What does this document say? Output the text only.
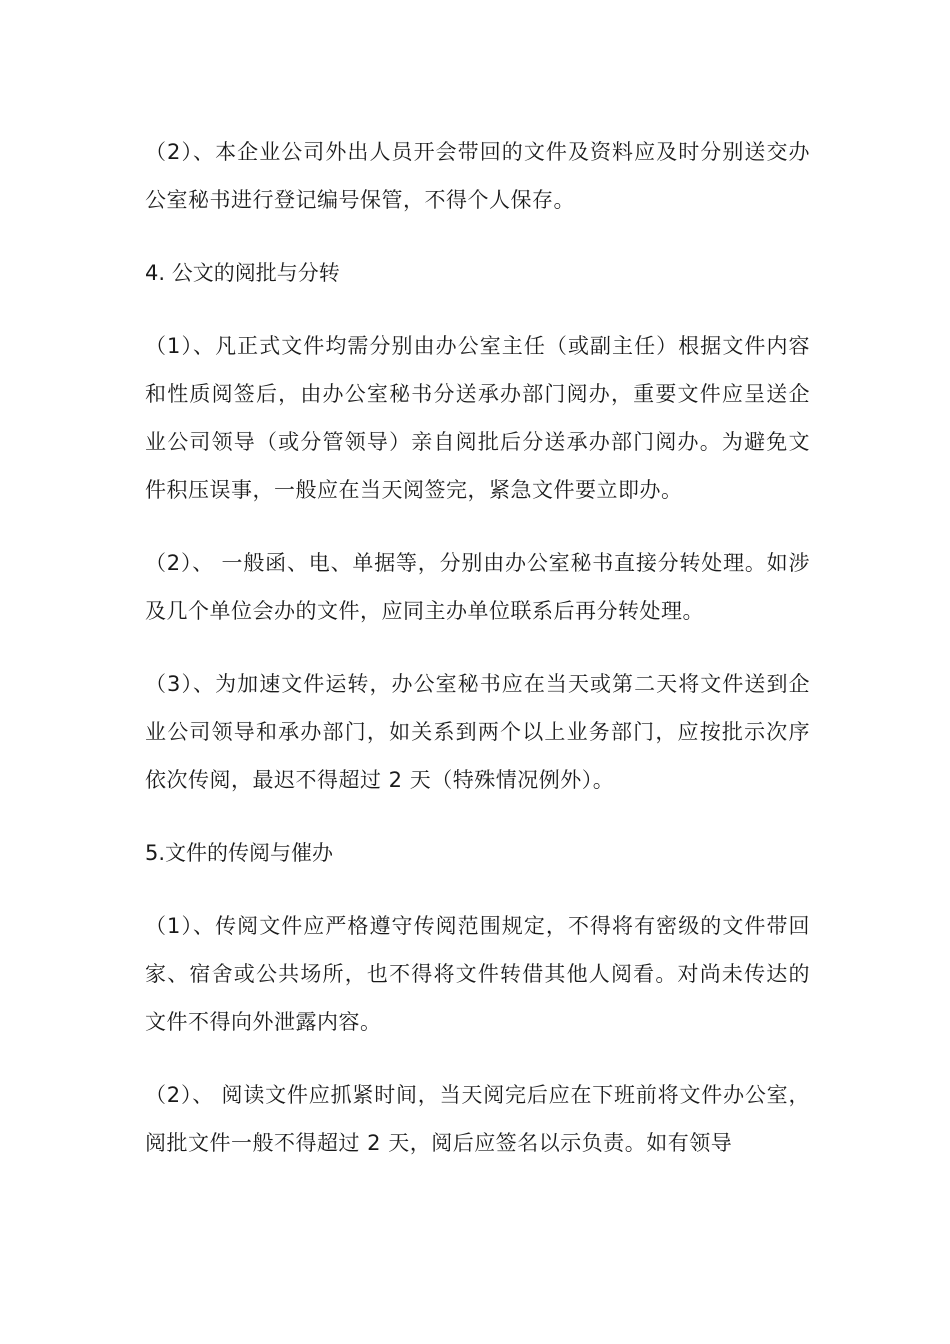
（2）、本企业公司外出人员开会带回的文件及资料应及时分别送交办公室秘书进行登记编号保管，不得个人保存。

4. 公文的阅批与分转

（1）、凡正式文件均需分别由办公室主任（或副主任）根据文件内容和性质阅签后，由办公室秘书分送承办部门阅办，重要文件应呈送企业公司领导（或分管领导）亲自阅批后分送承办部门阅办。为避免文件积压误事，一般应在当天阅签完，紧急文件要立即办。

（2）、 一般函、电、单据等，分别由办公室秘书直接分转处理。如涉及几个单位会办的文件，应同主办单位联系后再分转处理。

（3）、为加速文件运转，办公室秘书应在当天或第二天将文件送到企业公司领导和承办部门，如关系到两个以上业务部门，应按批示次序依次传阅，最迟不得超过 2 天（特殊情况例外）。

5.文件的传阅与催办

（1）、传阅文件应严格遵守传阅范围规定，不得将有密级的文件带回家、宿舍或公共场所，也不得将文件转借其他人阅看。对尚未传达的文件不得向外泄露内容。

（2）、 阅读文件应抓紧时间，当天阅完后应在下班前将文件办公室，阅批文件一般不得超过 2 天，阅后应签名以示负责。如有领导
